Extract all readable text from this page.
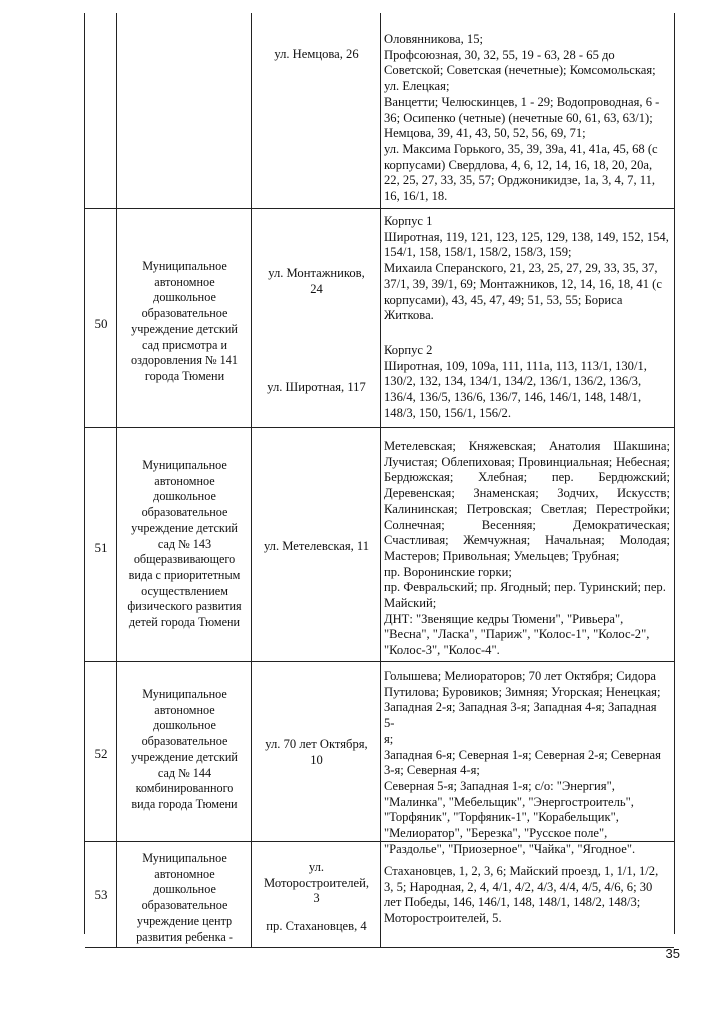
ул. Немцова, 26

Оловянникова, 15;

Профсоюзная, 30, 32, 55, 19 - 63, 28 - 65 до

Советской; Советская (нечетные); Комсомольская;

ул. Елецкая;

Ванцетти; Челюскинцев, 1 - 29; Водопроводная, 6 -

36; Осипенко (четные) (нечетные 60, 61, 63, 63/1);

Немцова, 39, 41, 43, 50, 52, 56, 69, 71;

ул. Максима Горького, 35, 39, 39а, 41, 41а, 45, 68 (с

корпусами) Свердлова, 4, 6, 12, 14, 16, 18, 20, 20а,

22, 25, 27, 33, 35, 57; Орджоникидзе, 1а, 3, 4, 7, 11,

16, 16/1, 18.

50
Муниципальное
автономное
дошкольное
образовательное
учреждение детский
сад присмотра и
оздоровления № 141
города Тюмени
ул. Монтажников,
24
ул. Широтная, 117

Корпус 1

Широтная, 119, 121, 123, 125, 129, 138, 149, 152, 154,

154/1, 158, 158/1, 158/2, 158/3, 159;

Михаила Сперанского, 21, 23, 25, 27, 29, 33, 35, 37,

37/1, 39, 39/1, 69; Монтажников, 12, 14, 16, 18, 41 (с

корпусами), 43, 45, 47, 49; 51, 53, 55; Бориса

Житкова.

Корпус 2

Широтная, 109, 109а, 111, 111а, 113, 113/1, 130/1,

130/2, 132, 134, 134/1, 134/2, 136/1, 136/2, 136/3,

136/4, 136/5, 136/6, 136/7, 146, 146/1, 148, 148/1,

148/3, 150, 156/1, 156/2.

51
Муниципальное
автономное
дошкольное
образовательное
учреждение детский
сад № 143
общеразвивающего
вида с приоритетным
осуществлением
физического развития
детей города Тюмени
ул. Метелевская, 11

Метелевская; Княжевская; Анатолия Шакшина;

Лучистая; Облепиховая; Провинциальная; Небесная;

Бердюжская; Хлебная; пер. Бердюжский;

Деревенская; Знаменская; Зодчих, Искусств;

Калининская; Петровская; Светлая; Перестройки;

Солнечная; Весенняя; Демократическая;

Счастливая; Жемчужная; Начальная; Молодая;

Мастеров; Привольная; Умельцев; Трубная;

пр. Воронинские горки;

пр. Февральский; пр. Ягодный; пер. Туринский; пер.

Майский;

ДНТ: "Звенящие кедры Тюмени", "Ривьера",

"Весна", "Ласка", "Париж", "Колос-1", "Колос-2",

"Колос-3", "Колос-4".

52
Муниципальное
автономное
дошкольное
образовательное
учреждение детский
сад № 144
комбинированного
вида города Тюмени
ул. 70 лет Октября,
10

Голышева; Мелиораторов; 70 лет Октября; Сидора

Путилова; Буровиков; Зимняя; Угорская; Ненецкая;

Западная 2-я; Западная 3-я; Западная 4-я; Западная 5-

я;

Западная 6-я; Северная 1-я; Северная 2-я; Северная

3-я; Северная 4-я;

Северная 5-я; Западная 1-я; с/о: "Энергия",

"Малинка", "Мебельщик", "Энергостроитель",

"Торфяник", "Торфяник-1", "Корабельщик",

"Мелиоратор", "Березка", "Русское поле",

"Раздолье", "Приозерное", "Чайка", "Ягодное".

53
Муниципальное
автономное
дошкольное
образовательное
учреждение центр
развития ребенка -
ул.
Моторостроителей,
3
пр. Стахановцев, 4

Стахановцев, 1, 2, 3, 6; Майский проезд, 1, 1/1, 1/2,

3, 5; Народная, 2, 4, 4/1, 4/2, 4/3, 4/4, 4/5, 4/6, 6; 30

лет Победы, 146, 146/1, 148, 148/1, 148/2, 148/3;

Моторостроителей, 5.

35
